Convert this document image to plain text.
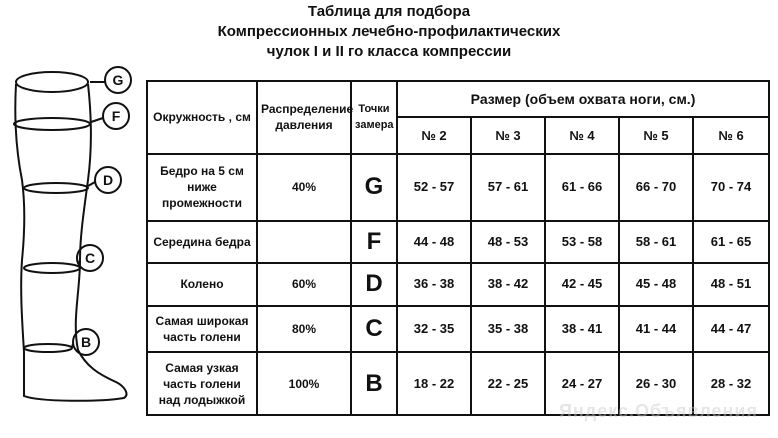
Таблица для подбора
Компрессионных лечебно-профилактических
чулок I и II го класса компрессии
G
F
D
C
B
Окружность , см	Распределение давления	Точки замера	Размер (объем охвата ноги, см.)				
			№ 2	№ 3	№ 4	№ 5	№ 6
Бедро на 5 см ниже промежности	40%	G	52 - 57	57 - 61	61 - 66	66 - 70	70 - 74
Середина бедра		F	44 - 48	48 - 53	53 - 58	58 - 61	61 - 65
Колено	60%	D	36 - 38	38 - 42	42 - 45	45 - 48	48 - 51
Самая широкая часть голени	80%	C	32 - 35	35 - 38	38 - 41	41 - 44	44 - 47
Самая узкая часть голени над лодыжкой	100%	B	18 - 22	22 - 25	24 - 27	26 - 30	28 - 32
Яндекс.Объявления
